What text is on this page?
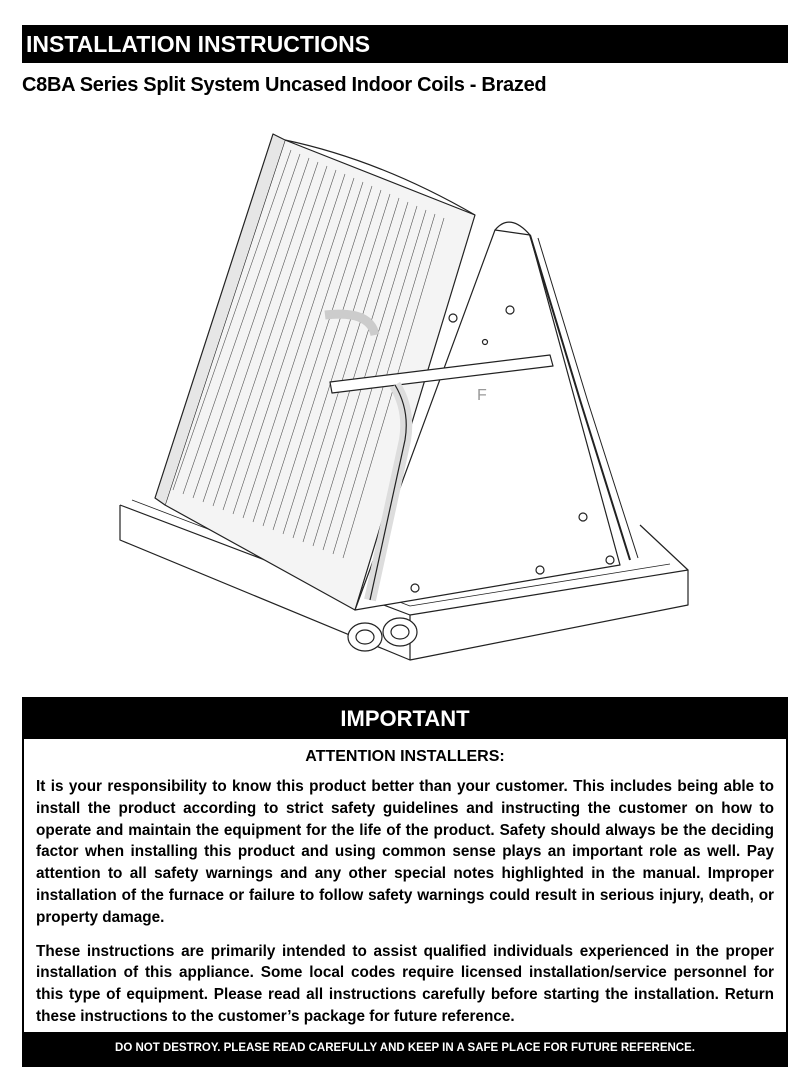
INSTALLATION INSTRUCTIONS
C8BA Series Split System Uncased Indoor Coils - Brazed
F
IMPORTANT
ATTENTION INSTALLERS:

It is your responsibility to know this product better than your customer. This includes being able to install the product according to strict safety guidelines and instructing the customer on how to operate and maintain the equipment for the life of the product. Safety should always be the deciding factor when installing this product and using common sense plays an important role as well. Pay attention to all safety warnings and any other special notes highlighted in the manual. Improper installation of the furnace or failure to follow safety warnings could result in serious injury, death, or property damage.

These instructions are primarily intended to assist qualified individuals experienced in the proper installation of this appliance. Some local codes require licensed installation/service personnel for this type of equipment. Please read all instructions carefully before starting the installation. Return these instructions to the customer’s package for future reference.

DO NOT DESTROY. PLEASE READ CAREFULLY AND KEEP IN A SAFE PLACE FOR FUTURE REFERENCE.
